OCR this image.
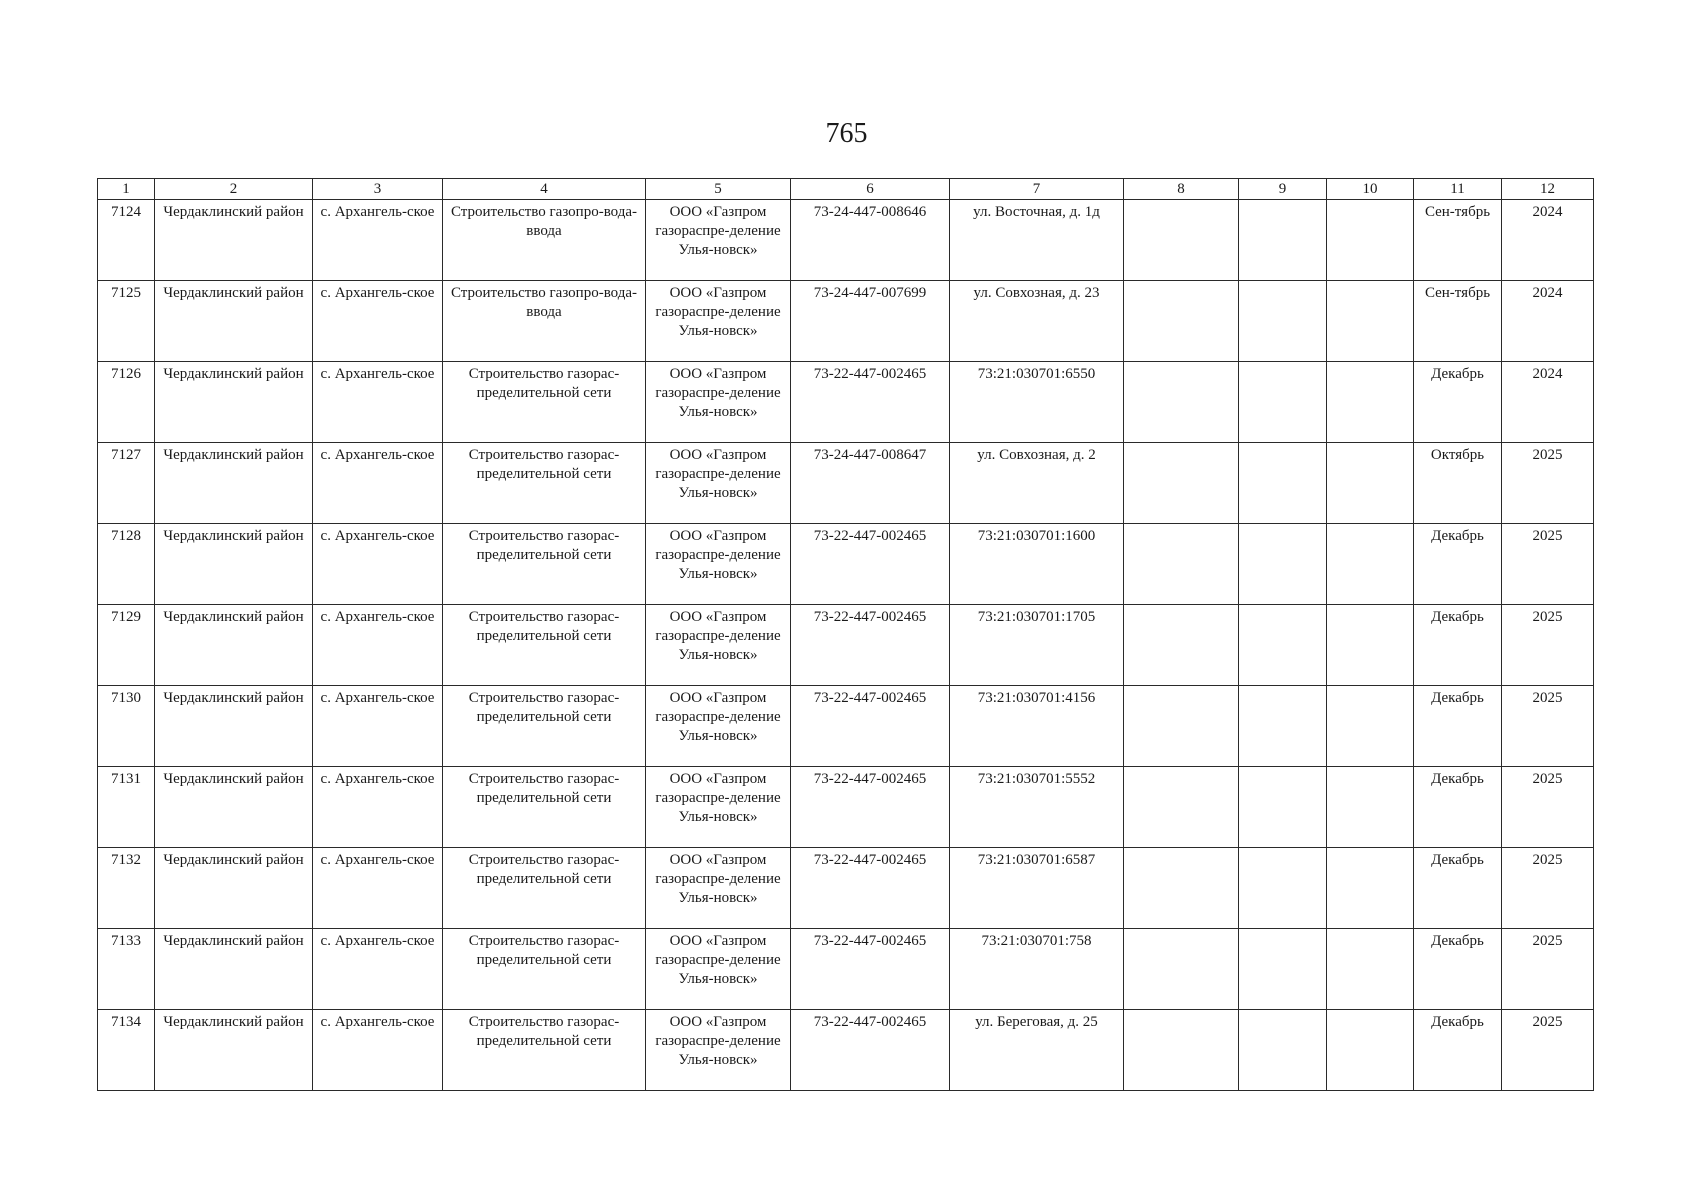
765
1	2	3	4	5	6	7	8	9	10	11	12
7124	Чердаклинский район	с. Архангель-ское	Строительство газопро-вода-ввода	ООО «Газпром газораспре-деление Улья-новск»	73-24-447-008646	ул. Восточная, д. 1д				Сен-тябрь	2024
7125	Чердаклинский район	с. Архангель-ское	Строительство газопро-вода-ввода	ООО «Газпром газораспре-деление Улья-новск»	73-24-447-007699	ул. Совхозная, д. 23				Сен-тябрь	2024
7126	Чердаклинский район	с. Архангель-ское	Строительство газорас-пределительной сети	ООО «Газпром газораспре-деление Улья-новск»	73-22-447-002465	73:21:030701:6550				Декабрь	2024
7127	Чердаклинский район	с. Архангель-ское	Строительство газорас-пределительной сети	ООО «Газпром газораспре-деление Улья-новск»	73-24-447-008647	ул. Совхозная, д. 2				Октябрь	2025
7128	Чердаклинский район	с. Архангель-ское	Строительство газорас-пределительной сети	ООО «Газпром газораспре-деление Улья-новск»	73-22-447-002465	73:21:030701:1600				Декабрь	2025
7129	Чердаклинский район	с. Архангель-ское	Строительство газорас-пределительной сети	ООО «Газпром газораспре-деление Улья-новск»	73-22-447-002465	73:21:030701:1705				Декабрь	2025
7130	Чердаклинский район	с. Архангель-ское	Строительство газорас-пределительной сети	ООО «Газпром газораспре-деление Улья-новск»	73-22-447-002465	73:21:030701:4156				Декабрь	2025
7131	Чердаклинский район	с. Архангель-ское	Строительство газорас-пределительной сети	ООО «Газпром газораспре-деление Улья-новск»	73-22-447-002465	73:21:030701:5552				Декабрь	2025
7132	Чердаклинский район	с. Архангель-ское	Строительство газорас-пределительной сети	ООО «Газпром газораспре-деление Улья-новск»	73-22-447-002465	73:21:030701:6587				Декабрь	2025
7133	Чердаклинский район	с. Архангель-ское	Строительство газорас-пределительной сети	ООО «Газпром газораспре-деление Улья-новск»	73-22-447-002465	73:21:030701:758				Декабрь	2025
7134	Чердаклинский район	с. Архангель-ское	Строительство газорас-пределительной сети	ООО «Газпром газораспре-деление Улья-новск»	73-22-447-002465	ул. Береговая, д. 25				Декабрь	2025
